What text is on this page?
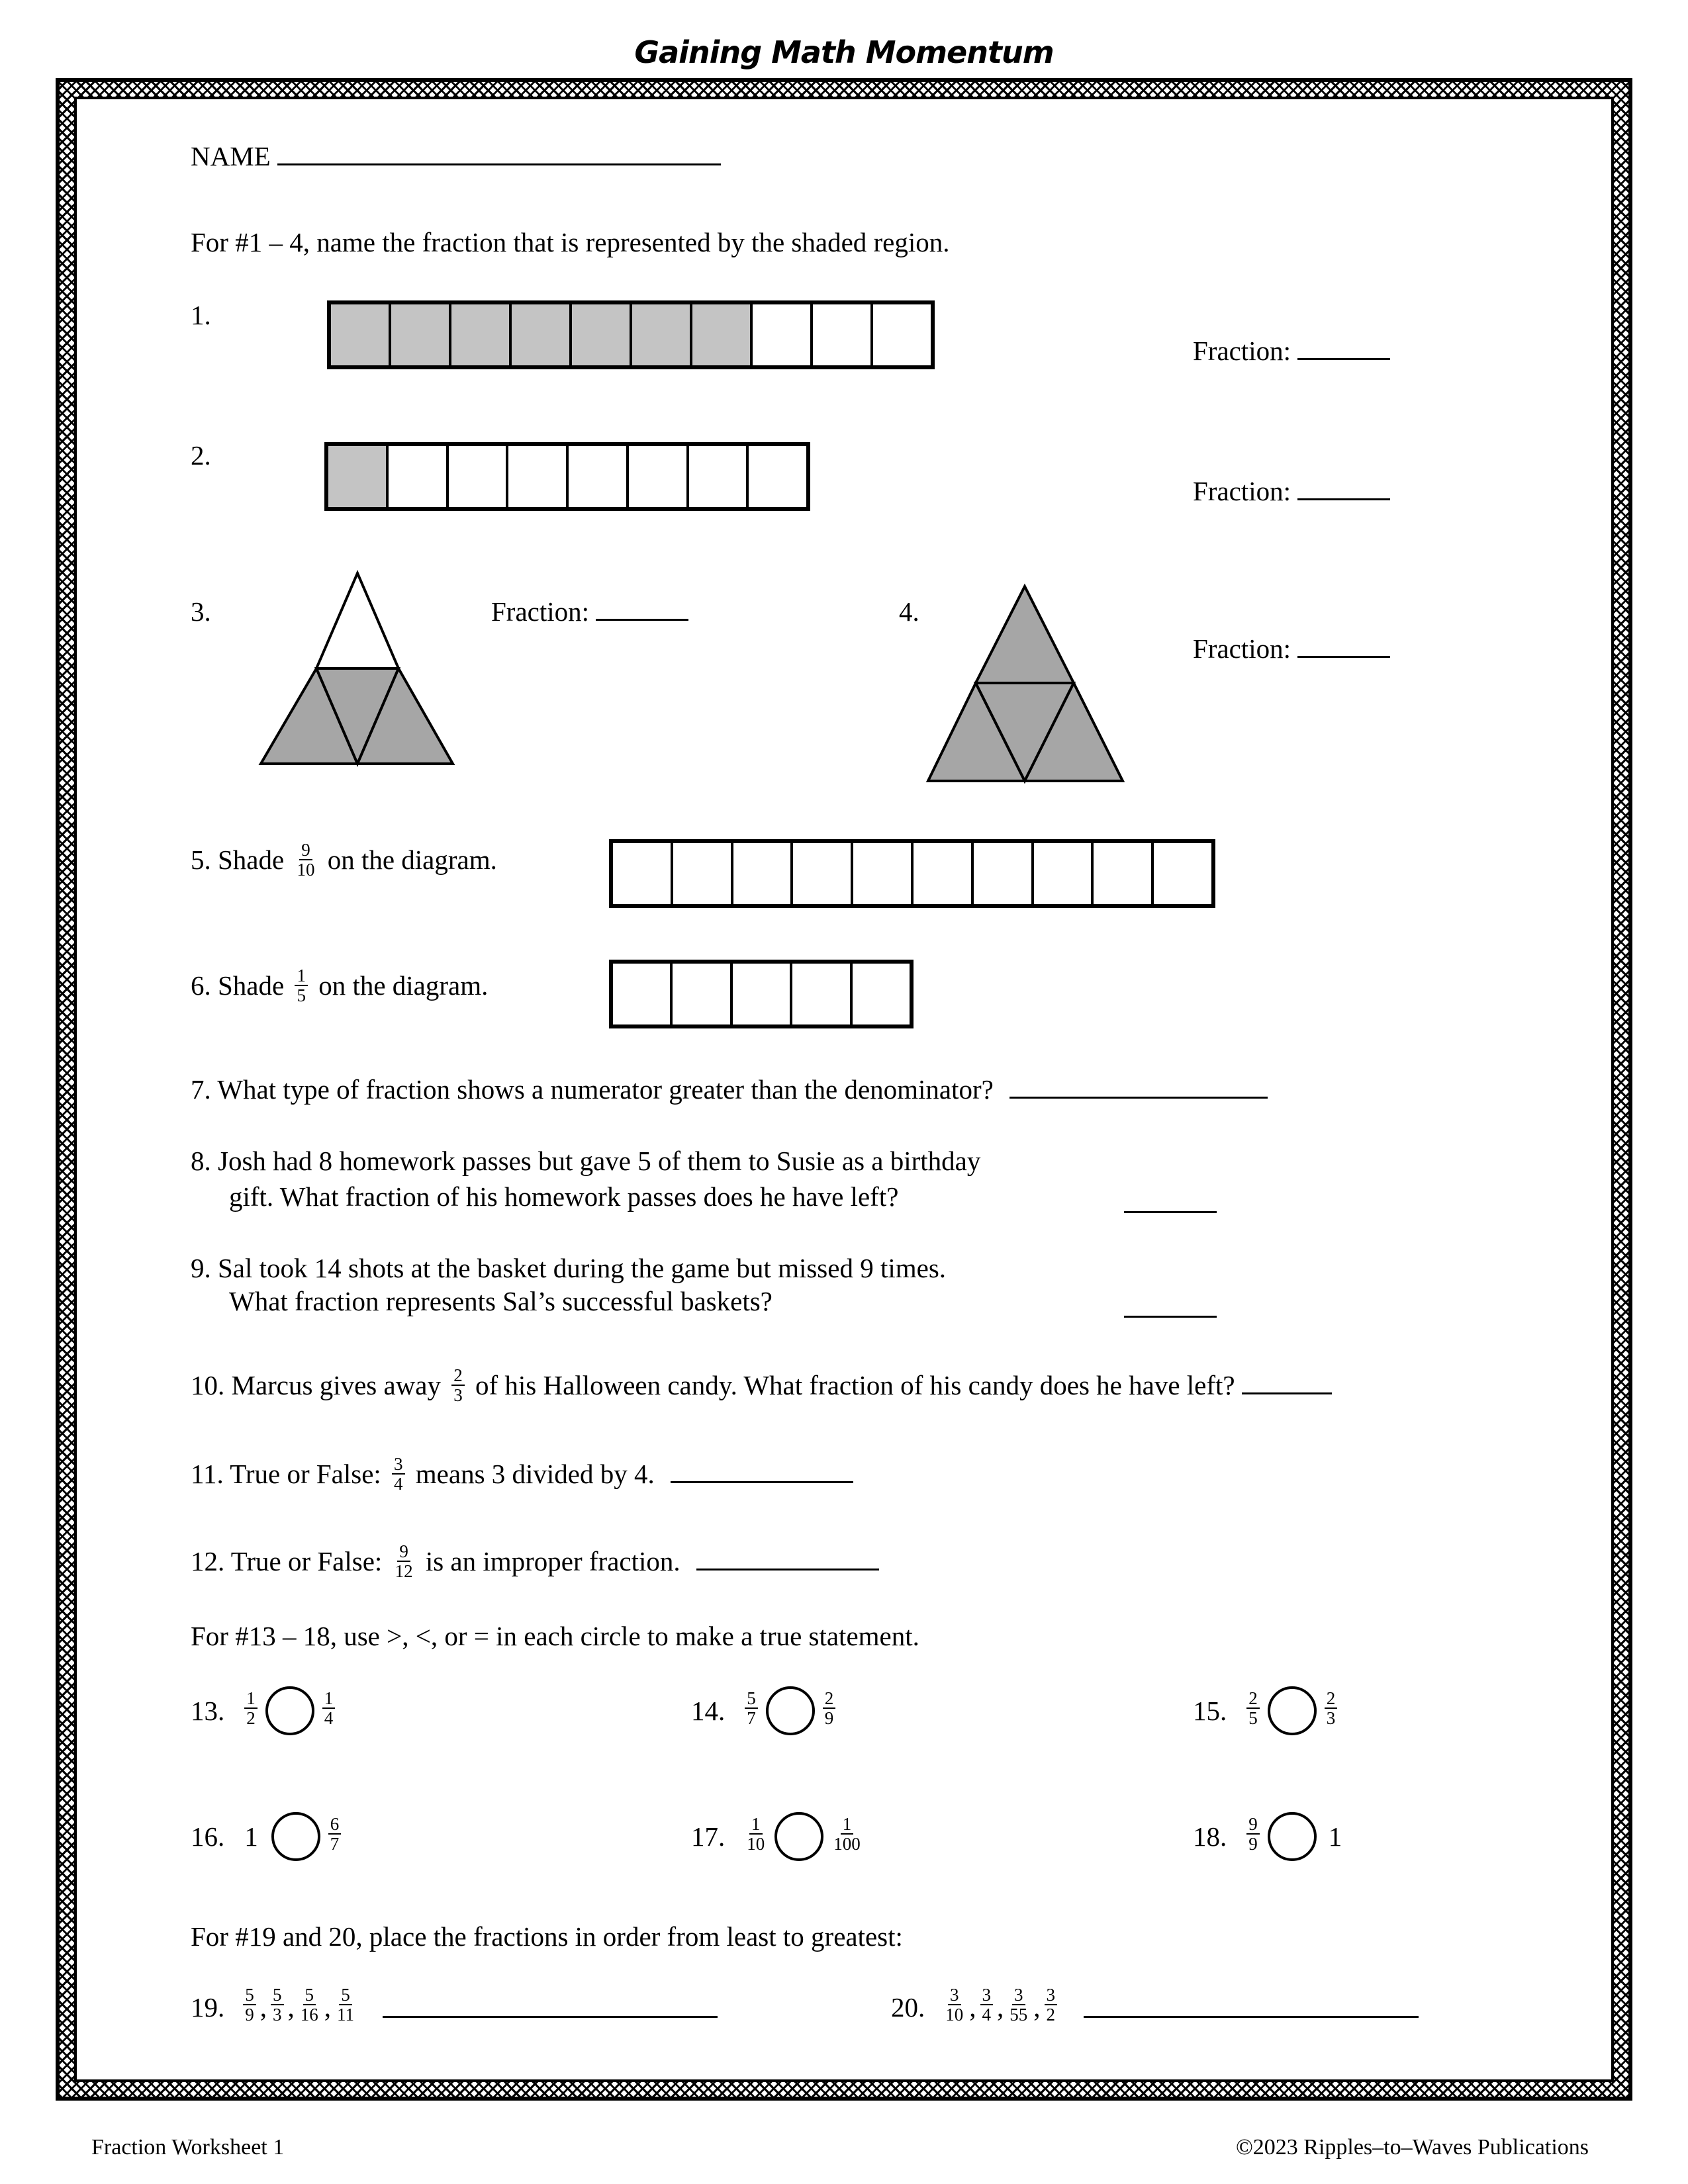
Gaining Math Momentum
NAME
For #1 – 4, name the fraction that is represented by the shaded region.
1.
Fraction:
2.
Fraction:
3.	Fraction:	4.
Fraction:
5. Shade $\frac{9}{10}$ on the diagram.
6. Shade $\frac{1}{5}$ on the diagram.
7. What type of fraction shows a numerator greater than the denominator?
8. Josh had 8 homework passes but gave 5 of them to Susie as a birthday
gift. What fraction of his homework passes does he have left?
9. Sal took 14 shots at the basket during the game but missed 9 times.
What fraction represents Sal’s successful baskets?
10. Marcus gives away $\frac{2}{3}$ of his Halloween candy. What fraction of his candy does he have left?
11. True or False: $\frac{3}{4}$ means 3 divided by 4.
12. True or False: $\frac{9}{12}$ is an improper fraction.
For #13 – 18, use >, <, or = in each circle to make a true statement.
13. $\frac{1}{2}$	$\frac{1}{4}$	14. $\frac{5}{7}$	$\frac{2}{9}$	15. $\frac{2}{5}$	$\frac{2}{3}$
16. 1	$\frac{6}{7}$	17. $\frac{1}{10}$	$\frac{1}{100}$	18. $\frac{9}{9}$	1
For #19 and 20, place the fractions in order from least to greatest:
19. $\frac{5}{9}$ , $\frac{5}{3}$ , $\frac{5}{16}$ , $\frac{5}{11}$	20. $\frac{3}{10}$ , $\frac{3}{4}$ , $\frac{3}{55}$ , $\frac{3}{2}$
Fraction Worksheet 1	©2023 Ripples–to–Waves Publications
